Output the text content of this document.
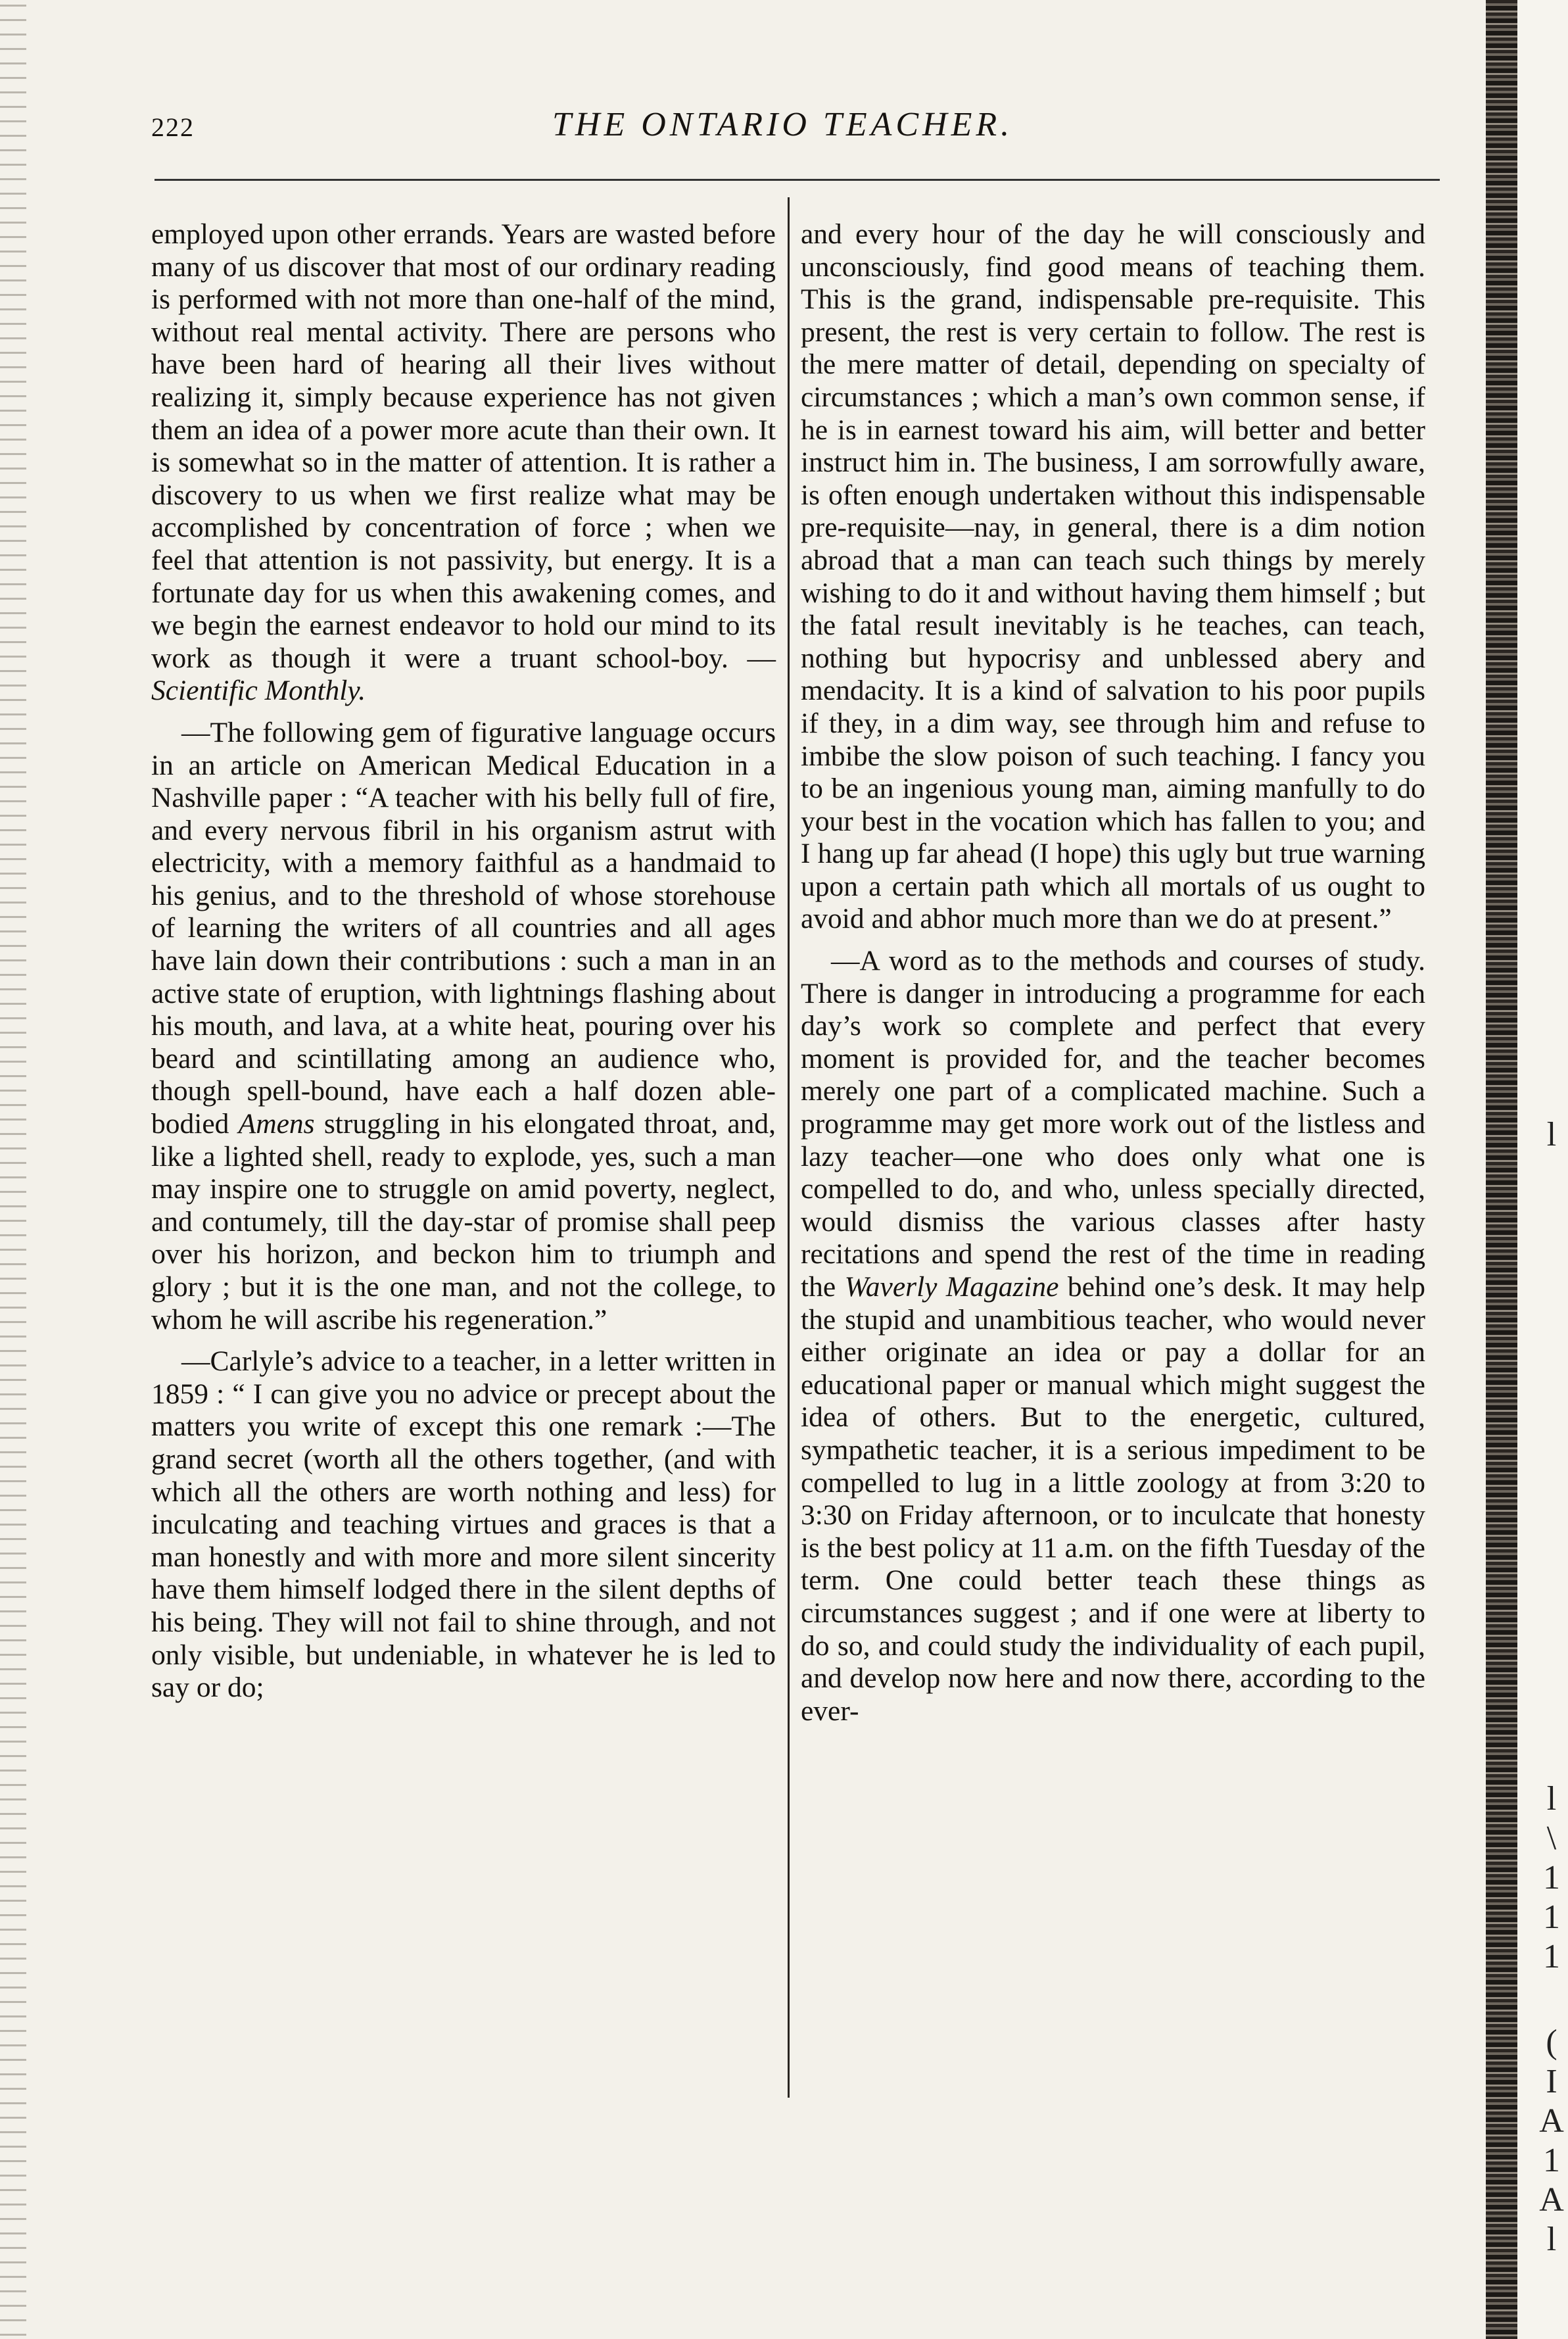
222	THE ONTARIO TEACHER.

employed upon other errands. Years are wasted before many of us discover that most of our ordinary reading is performed with not more than one-half of the mind, without real mental activity. There are persons who have been hard of hearing all their lives without realizing it, simply because experience has not given them an idea of a power more acute than their own. It is somewhat so in the matter of attention. It is rather a discovery to us when we first realize what may be accomplished by concentration of force ; when we feel that attention is not passivity, but energy. It is a fortunate day for us when this awakening comes, and we begin the earnest endeavor to hold our mind to its work as though it were a truant school-boy. — Scientific Monthly.

—The following gem of figurative language occurs in an article on American Medical Education in a Nashville paper : “A teacher with his belly full of fire, and every nervous fibril in his organism astrut with electricity, with a memory faithful as a handmaid to his genius, and to the threshold of whose storehouse of learning the writers of all countries and all ages have lain down their contributions : such a man in an active state of eruption, with lightnings flashing about his mouth, and lava, at a white heat, pouring over his beard and scintillating among an audience who, though spell-bound, have each a half dozen able-bodied Amens struggling in his elongated throat, and, like a lighted shell, ready to explode, yes, such a man may inspire one to struggle on amid poverty, neglect, and contumely, till the day-star of promise shall peep over his horizon, and beckon him to triumph and glory ; but it is the one man, and not the college, to whom he will ascribe his regeneration.”

—Carlyle’s advice to a teacher, in a letter written in 1859 : “ I can give you no advice or precept about the matters you write of except this one remark :—The grand secret (worth all the others together, (and with which all the others are worth nothing and less) for inculcating and teaching virtues and graces is that a man honestly and with more and more silent sincerity have them himself lodged there in the silent depths of his being. They will not fail to shine through, and not only visible, but undeniable, in whatever he is led to say or do;

and every hour of the day he will consciously and unconsciously, find good means of teaching them. This is the grand, indispensable pre-requisite. This present, the rest is very certain to follow. The rest is the mere matter of detail, depending on specialty of circumstances ; which a man’s own common sense, if he is in earnest toward his aim, will better and better instruct him in. The business, I am sorrowfully aware, is often enough undertaken without this indispensable pre-requisite—nay, in general, there is a dim notion abroad that a man can teach such things by merely wishing to do it and without having them himself ; but the fatal result inevitably is he teaches, can teach, nothing but hypocrisy and unblessed abery and mendacity. It is a kind of salvation to his poor pupils if they, in a dim way, see through him and refuse to imbibe the slow poison of such teaching. I fancy you to be an ingenious young man, aiming manfully to do your best in the vocation which has fallen to you; and I hang up far ahead (I hope) this ugly but true warning upon a certain path which all mortals of us ought to avoid and abhor much more than we do at present.”

—A word as to the methods and courses of study. There is danger in introducing a programme for each day’s work so complete and perfect that every moment is provided for, and the teacher becomes merely one part of a complicated machine. Such a programme may get more work out of the listless and lazy teacher—one who does only what one is compelled to do, and who, unless specially directed, would dismiss the various classes after hasty recitations and spend the rest of the time in reading the Waverly Magazine behind one’s desk. It may help the stupid and unambitious teacher, who would never either originate an idea or pay a dollar for an educational paper or manual which might suggest the idea of others. But to the energetic, cultured, sympathetic teacher, it is a serious impediment to be compelled to lug in a little zoology at from 3:20 to 3:30 on Friday afternoon, or to inculcate that honesty is the best policy at 11 a.m. on the fifth Tuesday of the term. One could better teach these things as circumstances suggest ; and if one were at liberty to do so, and could study the individuality of each pupil, and develop now here and now there, according to the ever-

l
l
\
1
1
1
(
I
A
1
A
l
